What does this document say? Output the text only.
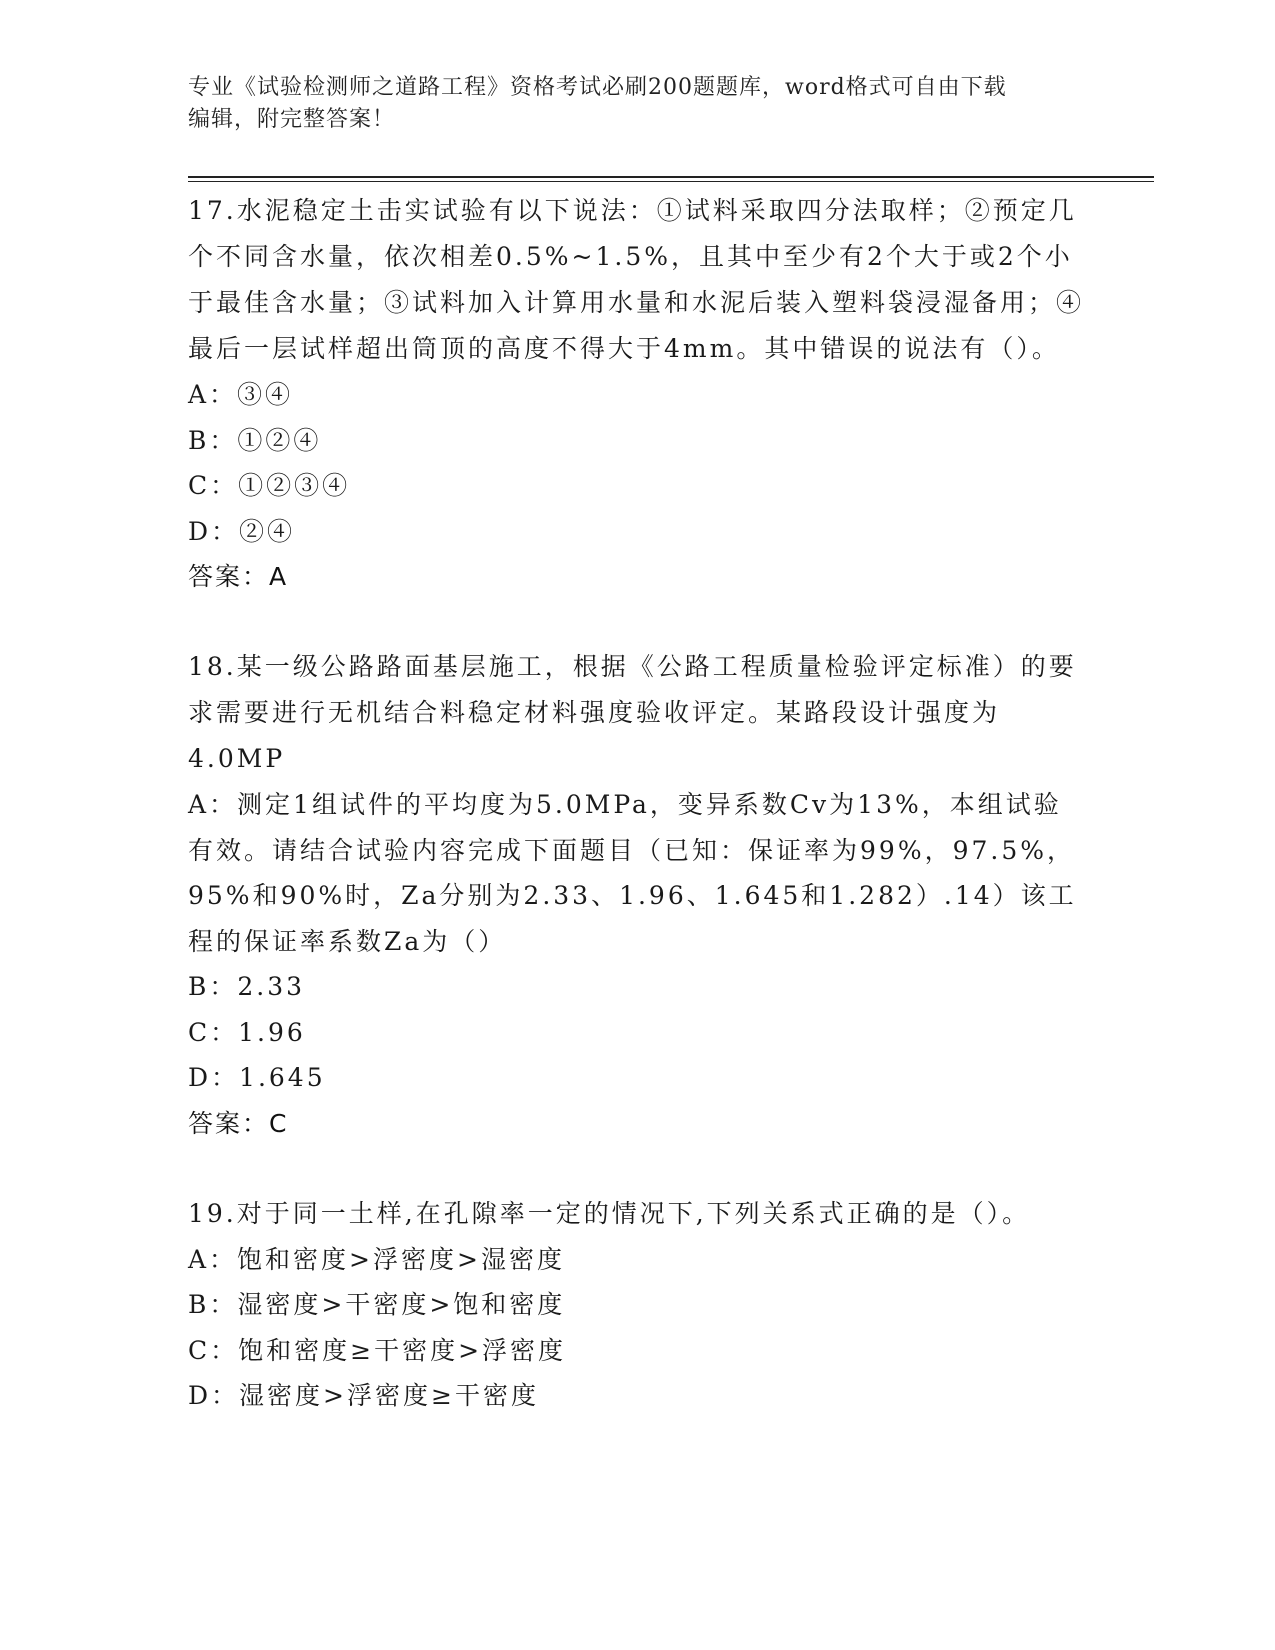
专业《试验检测师之道路工程》资格考试必刷200题题库，word格式可自由下载
编辑，附完整答案！

17.水泥稳定土击实试验有以下说法：①试料采取四分法取样；②预定几个不同含水量，依次相差0.5%~1.5%，且其中至少有2个大于或2个小于最佳含水量；③试料加入计算用水量和水泥后装入塑料袋浸湿备用；④最后一层试样超出筒顶的高度不得大于4mm。其中错误的说法有（）。

A：③④

B：①②④

C：①②③④

D：②④

答案：A

18.某一级公路路面基层施工，根据《公路工程质量检验评定标准）的要求需要进行无机结合料稳定材料强度验收评定。某路段设计强度为4.0MP

A：测定1组试件的平均度为5.0MPa，变异系数Cv为13%，本组试验有效。请结合试验内容完成下面题目（已知：保证率为99%，97.5%，95%和90%时，Za分别为2.33、1.96、1.645和1.282）.14）该工程的保证率系数Za为（）

B：2.33

C：1.96

D：1.645

答案：C

19.对于同一土样,在孔隙率一定的情况下,下列关系式正确的是（）。

A：饱和密度>浮密度>湿密度

B：湿密度>干密度>饱和密度

C：饱和密度≥干密度>浮密度

D：湿密度>浮密度≥干密度
